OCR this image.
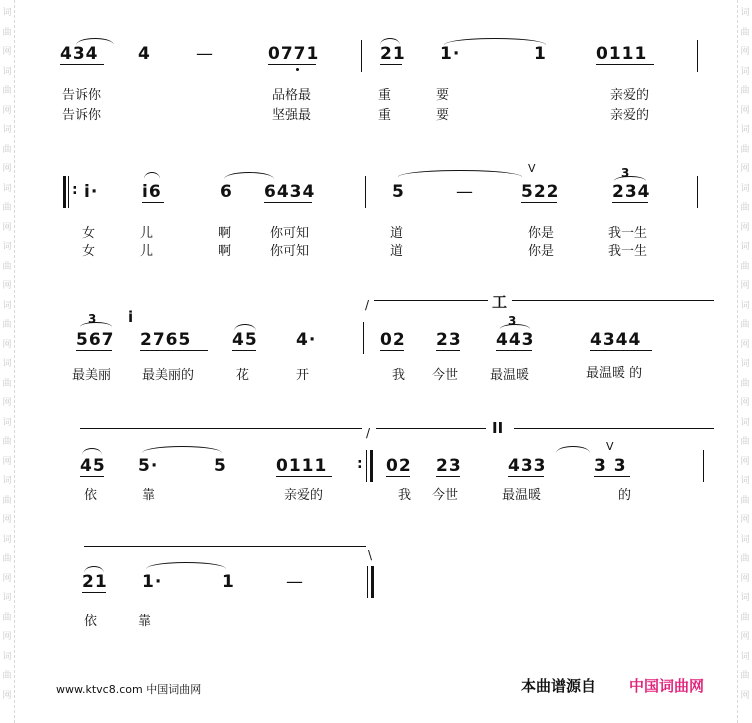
词曲网词曲网词曲网词曲网词曲网词曲网词曲网词曲网词曲网词曲网词曲网词曲网
词曲网词曲网词曲网词曲网词曲网词曲网词曲网词曲网词曲网词曲网词曲网词曲网
434 4	—	0771	21 1·	1	0111
告诉你
告诉你
品格最
坚强最
重
重
要
要
亲爱的
亲爱的
: i·	i6	6 6434	5	—
V
522
3
234
女
女
儿
儿
啊
啊
你可知
你可知
道
道
你是
你是
我一生
我一生
/	工
3
567
i
2765 45 4·	02 23
3
443	4344
最美丽 最美丽的	花	开	我 今世 最温暖	最温暖 的
/	II
45 5·	5	0111 : 02 23	433
V
3 3
依	靠	亲爱的	我 今世	最温暖	的
\
21 1·	1	—
依	靠
www.ktvc8.com 中国词曲网	本曲谱源自 中国词曲网
